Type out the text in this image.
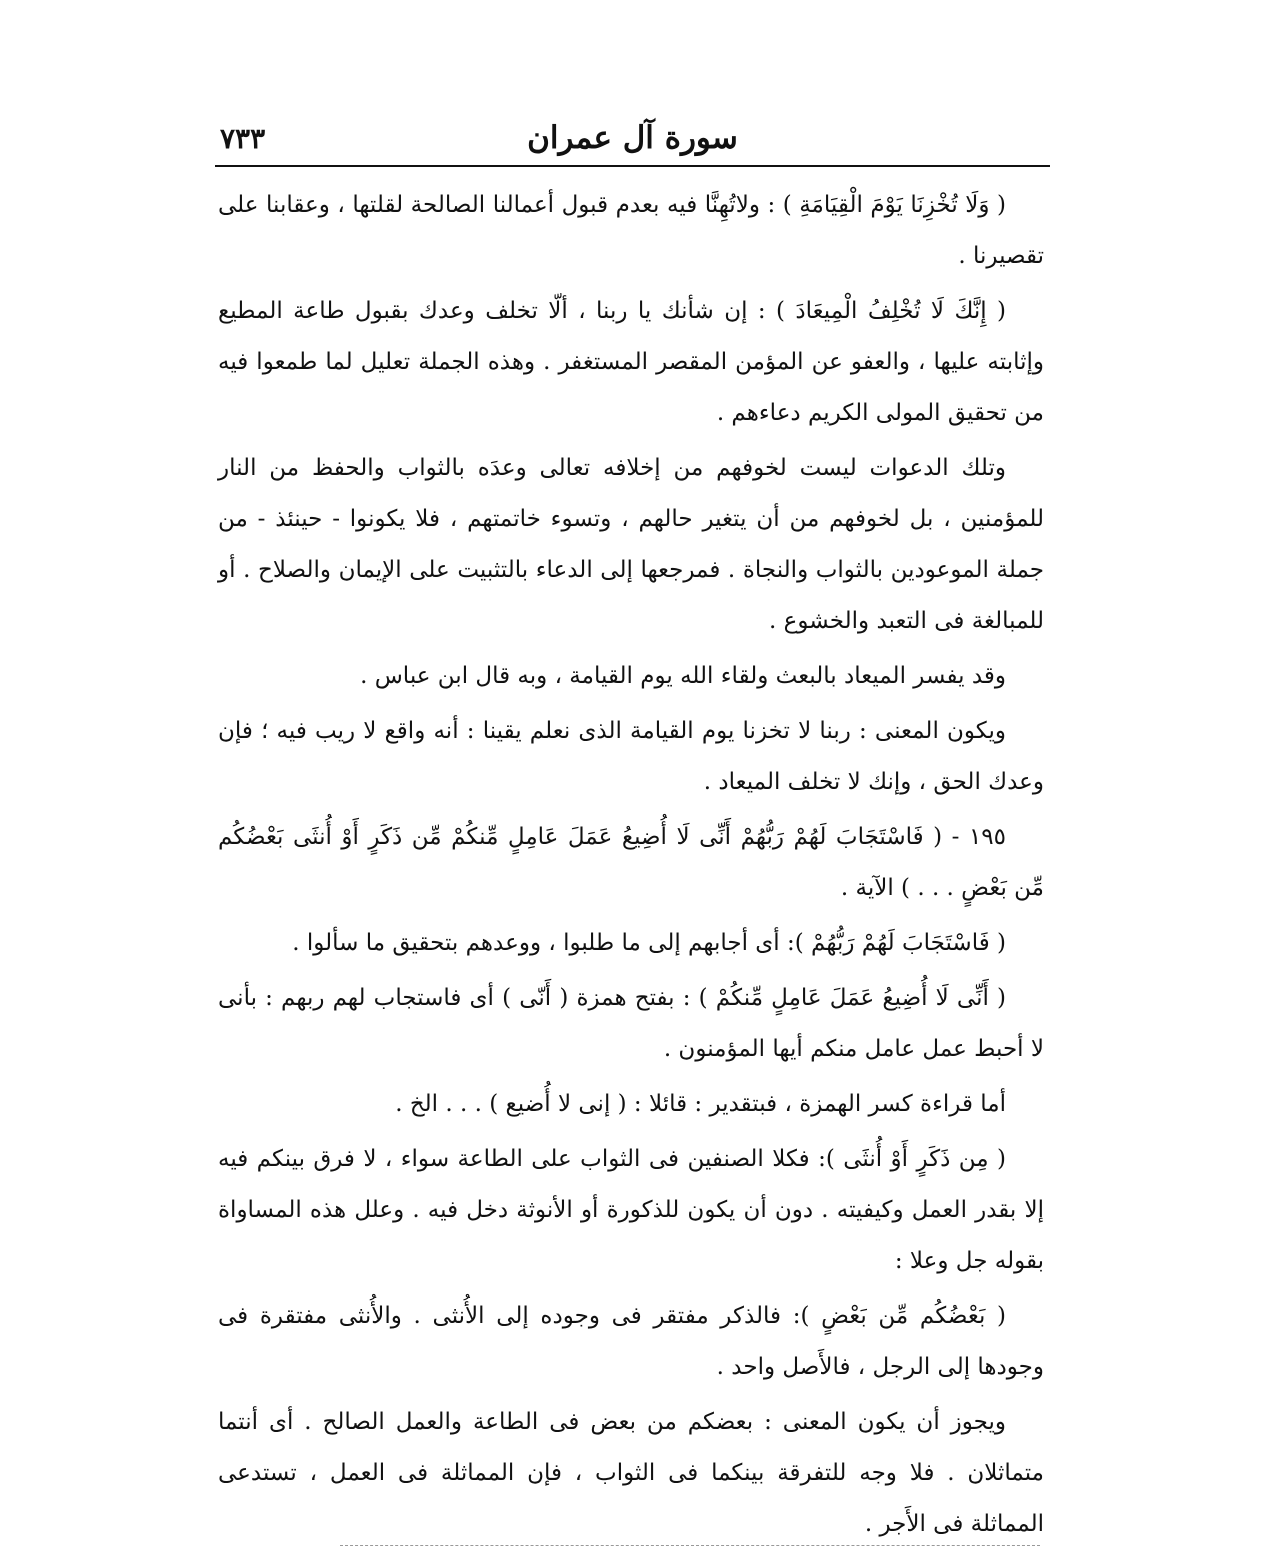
سورة آل عمران
٧٣٣

( وَلَا تُخْزِنَا يَوْمَ الْقِيَامَةِ ) : ولاتُهِنَّا فيه بعدم قبول أعمالنا الصالحة لقلتها ، وعقابنا على تقصيرنا .

( إِنَّكَ لَا تُخْلِفُ الْمِيعَادَ ) : إن شأنك يا ربنا ، ألّا تخلف وعدك بقبول طاعة المطيع وإثابته عليها ، والعفو عن المؤمن المقصر المستغفر . وهذه الجملة تعليل لما طمعوا فيه من تحقيق المولى الكريم دعاءهم .

وتلك الدعوات ليست لخوفهم من إخلافه تعالى وعدَه بالثواب والحفظ من النار للمؤمنين ، بل لخوفهم من أن يتغير حالهم ، وتسوء خاتمتهم ، فلا يكونوا - حينئذ - من جملة الموعودين بالثواب والنجاة . فمرجعها إلى الدعاء بالتثبيت على الإيمان والصلاح . أو للمبالغة فى التعبد والخشوع .

وقد يفسر الميعاد بالبعث ولقاء الله يوم القيامة ، وبه قال ابن عباس .

ويكون المعنى : ربنا لا تخزنا يوم القيامة الذى نعلم يقينا : أنه واقع لا ريب فيه ؛ فإن وعدك الحق ، وإنك لا تخلف الميعاد .

١٩٥ - ( فَاسْتَجَابَ لَهُمْ رَبُّهُمْ أَنِّى لَا أُضِيعُ عَمَلَ عَامِلٍ مِّنكُمْ مِّن ذَكَرٍ أَوْ أُنثَى بَعْضُكُم مِّن بَعْضٍ . . . ) الآية .

( فَاسْتَجَابَ لَهُمْ رَبُّهُمْ ): أى أجابهم إلى ما طلبوا ، ووعدهم بتحقيق ما سألوا .

( أَنِّى لَا أُضِيعُ عَمَلَ عَامِلٍ مِّنكُمْ ) : بفتح همزة ( أَنّى ) أى فاستجاب لهم ربهم : بأنى لا أحبط عمل عامل منكم أيها المؤمنون .

أما قراءة كسر الهمزة ، فبتقدير : قائلا : ( إنى لا أُضيع ) . . . الخ .

( مِن ذَكَرٍ أَوْ أُنثَى ): فكلا الصنفين فى الثواب على الطاعة سواء ، لا فرق بينكم فيه إلا بقدر العمل وكيفيته . دون أن يكون للذكورة أو الأنوثة دخل فيه . وعلل هذه المساواة بقوله جل وعلا :

( بَعْضُكُم مِّن بَعْضٍ ): فالذكر مفتقر فى وجوده إلى الأُنثى . والأُنثى مفتقرة فى وجودها إلى الرجل ، فالأَصل واحد .

ويجوز أن يكون المعنى : بعضكم من بعض فى الطاعة والعمل الصالح . أى أنتما متماثلان . فلا وجه للتفرقة بينكما فى الثواب ، فإن المماثلة فى العمل ، تستدعى المماثلة فى الأَجر .
